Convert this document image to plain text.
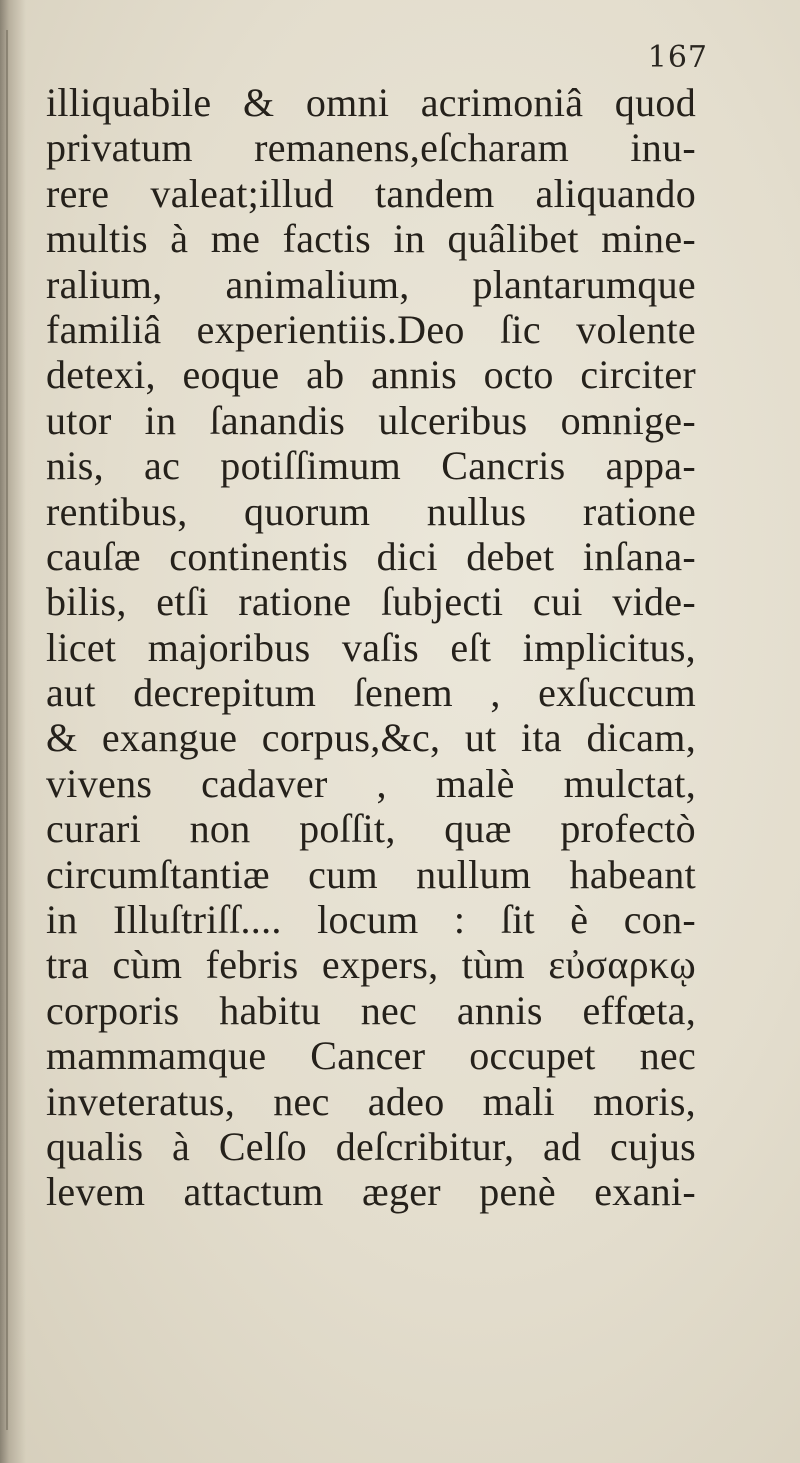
167
illiquabile & omni acrimoniâ quod
privatum remanens,eſcharam inu-
rere valeat;illud tandem aliquando
multis à me factis in quâlibet mine-
ralium, animalium, plantarumque
familiâ experientiis.Deo ſic volente
detexi, eoque ab annis octo circiter
utor in ſanandis ulceribus omnige-
nis, ac potiſſimum Cancris appa-
rentibus, quorum nullus ratione
cauſæ continentis dici debet inſana-
bilis, etſi ratione ſubjecti cui vide-
licet majoribus vaſis eſt implicitus,
aut decrepitum ſenem , exſuccum
& exangue corpus,&c, ut ita dicam,
vivens cadaver , malè mulctat,
curari non poſſit, quæ profectò
circumſtantiæ cum nullum habeant
in Illuſtriſſ.... locum : ſit è con-
tra cùm febris expers, tùm εὐσαρκῳ
corporis habitu nec annis effœta,
mammamque Cancer occupet nec
inveteratus, nec adeo mali moris,
qualis à Celſo deſcribitur, ad cujus
levem attactum æger penè exani-
